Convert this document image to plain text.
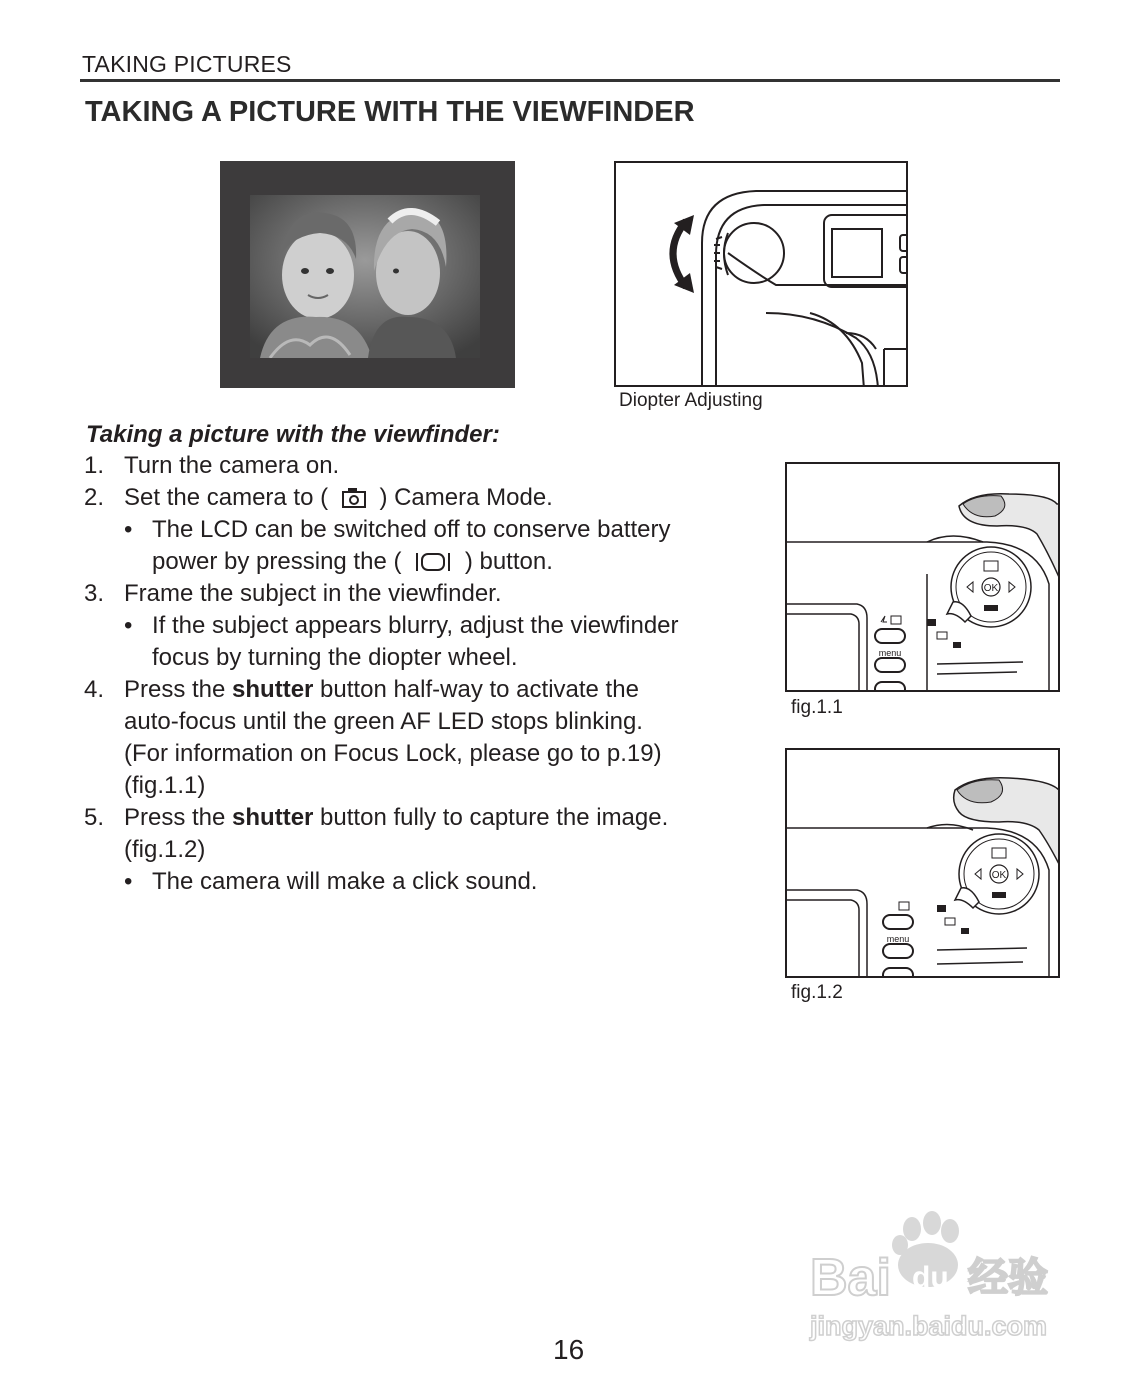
TAKING PICTURES
TAKING A PICTURE WITH THE VIEWFINDER
Diopter Adjusting
Taking a picture with the viewfinder:
1. Turn the camera on.
2. Set the camera to ( ) Camera Mode.
• The LCD can be switched off to conserve battery
power by pressing the (	) button.
3. Frame the subject in the viewfinder.
• If the subject appears blurry, adjust the viewfinder
focus by turning the diopter wheel.
4. Press the shutter button half-way to activate the
auto-focus until the green AF LED stops blinking.
(For information on Focus Lock, please go to p.19)
(fig.1.1)
5. Press the shutter button fully to capture the image.
(fig.1.2)
• The camera will make a click sound.
OK
menu
fig.1.1
OK
menu
fig.1.2
Bai du 经验
jingyan.baidu.com
16
